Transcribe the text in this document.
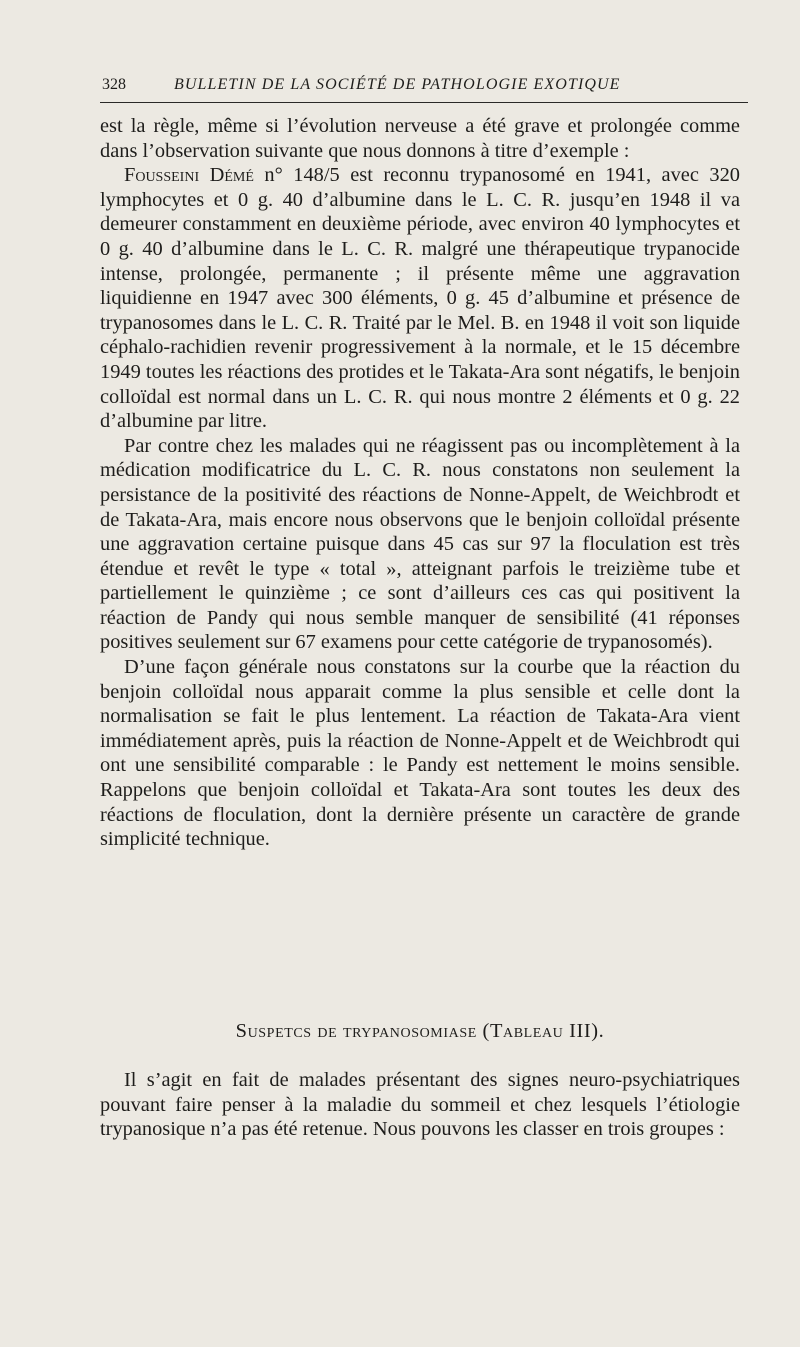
328	BULLETIN DE LA SOCIÉTÉ DE PATHOLOGIE EXOTIQUE

est la règle, même si l’évolution nerveuse a été grave et prolongée comme dans l’observation suivante que nous donnons à titre d’exemple :

Fousseini Démé n° 148/5 est reconnu trypanosomé en 1941, avec 320 lymphocytes et 0 g. 40 d’albumine dans le L. C. R. jusqu’en 1948 il va demeurer constamment en deuxième période, avec environ 40 lymphocytes et 0 g. 40 d’albumine dans le L. C. R. malgré une thérapeutique trypanocide intense, prolongée, permanente ; il présente même une aggravation liquidienne en 1947 avec 300 éléments, 0 g. 45 d’albumine et présence de trypanosomes dans le L. C. R. Traité par le Mel. B. en 1948 il voit son liquide céphalo-rachidien revenir progressivement à la normale, et le 15 décembre 1949 toutes les réactions des protides et le Takata-Ara sont négatifs, le benjoin colloïdal est normal dans un L. C. R. qui nous montre 2 éléments et 0 g. 22 d’albumine par litre.

Par contre chez les malades qui ne réagissent pas ou incomplètement à la médication modificatrice du L. C. R. nous constatons non seulement la persistance de la positivité des réactions de Nonne-Appelt, de Weichbrodt et de Takata-Ara, mais encore nous observons que le benjoin colloïdal présente une aggravation certaine puisque dans 45 cas sur 97 la floculation est très étendue et revêt le type « total », atteignant parfois le treizième tube et partiellement le quinzième ; ce sont d’ailleurs ces cas qui positivent la réaction de Pandy qui nous semble manquer de sensibilité (41 réponses positives seulement sur 67 examens pour cette catégorie de trypanosomés).

D’une façon générale nous constatons sur la courbe que la réaction du benjoin colloïdal nous apparait comme la plus sensible et celle dont la normalisation se fait le plus lentement. La réaction de Takata-Ara vient immédiatement après, puis la réaction de Nonne-Appelt et de Weichbrodt qui ont une sensibilité comparable : le Pandy est nettement le moins sensible. Rappelons que benjoin colloïdal et Takata-Ara sont toutes les deux des réactions de floculation, dont la dernière présente un caractère de grande simplicité technique.

Suspetcs de trypanosomiase (Tableau III).

Il s’agit en fait de malades présentant des signes neuro-psychiatriques pouvant faire penser à la maladie du sommeil et chez lesquels l’étiologie trypanosique n’a pas été retenue. Nous pouvons les classer en trois groupes :
